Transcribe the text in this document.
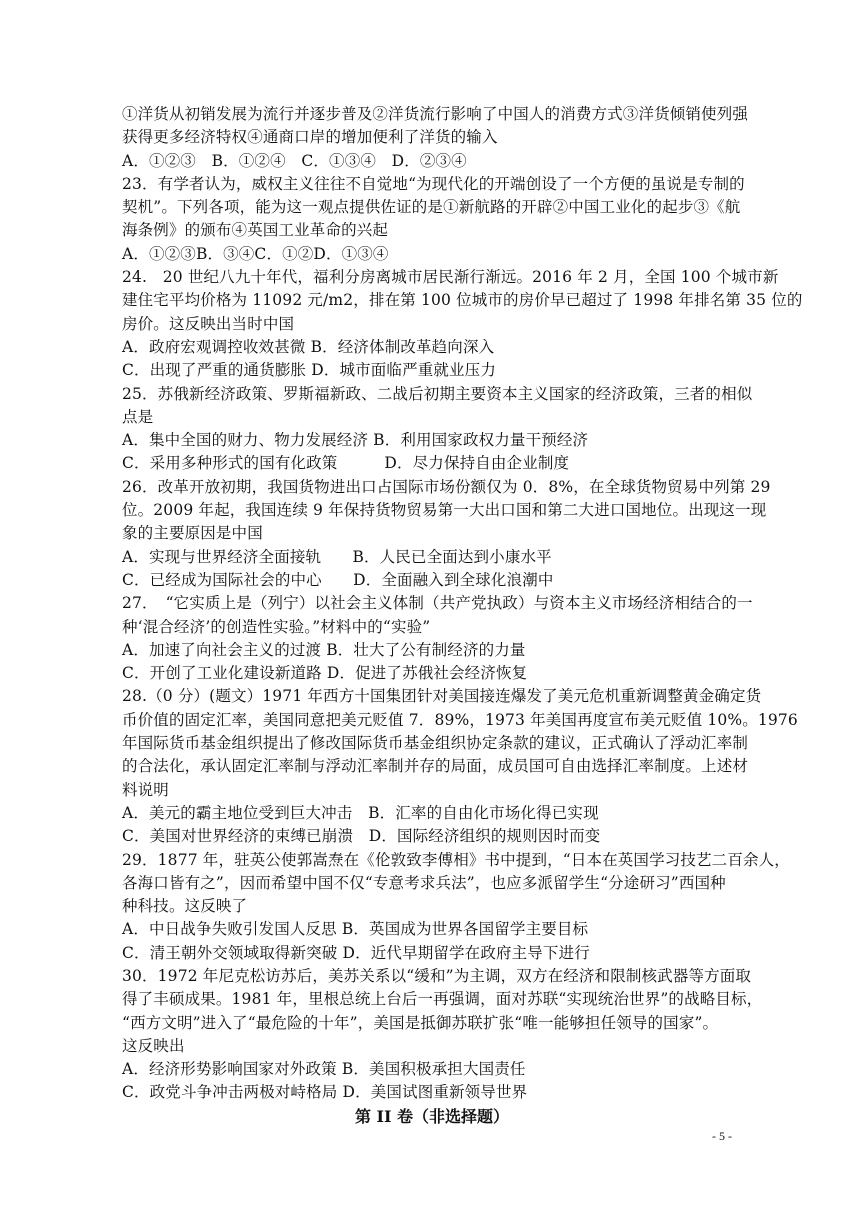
①洋货从初销发展为流行并逐步普及②洋货流行影响了中国人的消费方式③洋货倾销使列强
获得更多经济特权④通商口岸的增加便利了洋货的输入
A．①②③　B．①②④　C．①③④　D．②③④
23．有学者认为，威权主义往往不自觉地“为现代化的开端创设了一个方便的虽说是专制的
契机”。下列各项，能为这一观点提供佐证的是①新航路的开辟②中国工业化的起步③《航
海条例》的颁布④英国工业革命的兴起
A．①②③B．③④C．①②D．①③④
24.　20 世纪八九十年代，福利分房离城市居民渐行渐远。2016 年 2 月，全国 100 个城市新
建住宅平均价格为 11092 元/m2，排在第 100 位城市的房价早已超过了 1998 年排名第 35 位的
房价。这反映出当时中国
A．政府宏观调控收效甚微 B．经济体制改革趋向深入
C．出现了严重的通货膨胀 D．城市面临严重就业压力
25．苏俄新经济政策、罗斯福新政、二战后初期主要资本主义国家的经济政策，三者的相似
点是
A．集中全国的财力、物力发展经济 B．利用国家政权力量干预经济
C．采用多种形式的国有化政策　　　D．尽力保持自由企业制度
26．改革开放初期，我国货物进出口占国际市场份额仅为 0．8%，在全球货物贸易中列第 29
位。2009 年起，我国连续 9 年保持货物贸易第一大出口国和第二大进口国地位。出现这一现
象的主要原因是中国
A．实现与世界经济全面接轨　　B．人民已全面达到小康水平
C．已经成为国际社会的中心　　D．全面融入到全球化浪潮中
27．　“它实质上是（列宁）以社会主义体制（共产党执政）与资本主义市场经济相结合的一
种‘混合经济’的创造性实验。”材料中的“实验”
A．加速了向社会主义的过渡 B．壮大了公有制经济的力量
C．开创了工业化建设新道路 D．促进了苏俄社会经济恢复
28.（0 分）(题文）1971 年西方十国集团针对美国接连爆发了美元危机重新调整黄金确定货
币价值的固定汇率，美国同意把美元贬值 7．89%，1973 年美国再度宣布美元贬值 10%。1976
年国际货币基金组织提出了修改国际货币基金组织协定条款的建议，正式确认了浮动汇率制
的合法化，承认固定汇率制与浮动汇率制并存的局面，成员国可自由选择汇率制度。上述材
料说明
A．美元的霸主地位受到巨大冲击　B．汇率的自由化市场化得已实现
C．美国对世界经济的束缚已崩溃　D．国际经济组织的规则因时而变
29．1877 年，驻英公使郭嵩焘在《伦敦致李傅相》书中提到，“日本在英国学习技艺二百余人，
各海口皆有之”，因而希望中国不仅“专意考求兵法”，也应多派留学生“分途研习”西国种
种科技。这反映了
A．中日战争失败引发国人反思 B．英国成为世界各国留学主要目标
C．清王朝外交领域取得新突破 D．近代早期留学在政府主导下进行
30．1972 年尼克松访苏后，美苏关系以“缓和”为主调，双方在经济和限制核武器等方面取
得了丰硕成果。1981 年，里根总统上台后一再强调，面对苏联“实现统治世界”的战略目标，
“西方文明”进入了“最危险的十年”，美国是抵御苏联扩张“唯一能够担任领导的国家”。
这反映出
A．经济形势影响国家对外政策 B．美国积极承担大国责任
C．政党斗争冲击两极对峙格局 D．美国试图重新领导世界
第 II 卷（非选择题）
- 5 -
